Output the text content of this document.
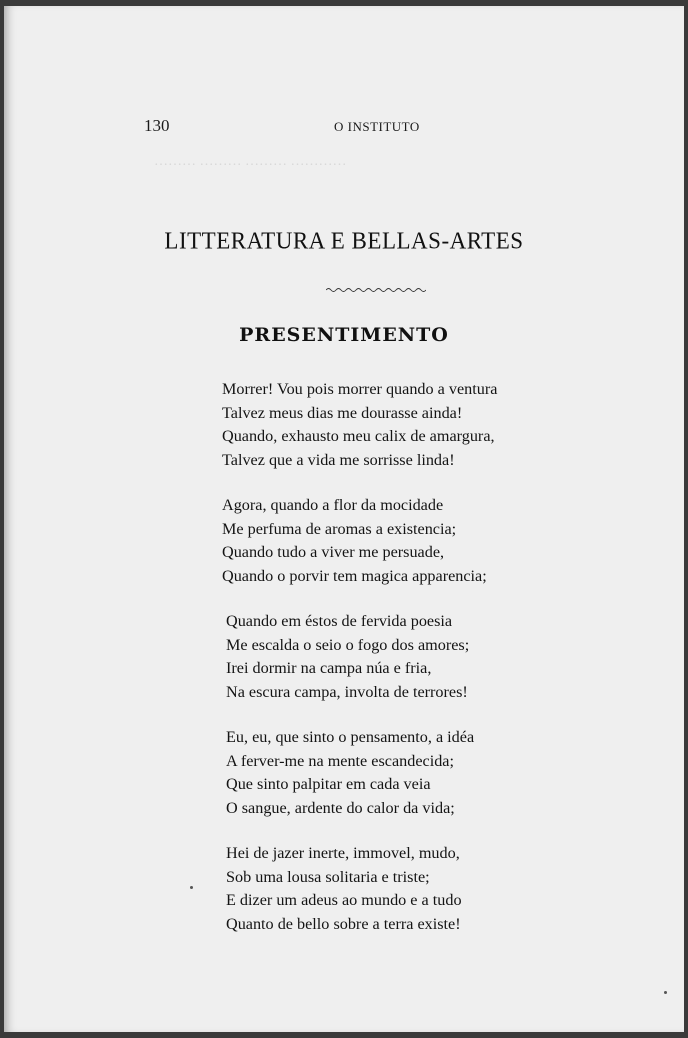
………… ……… ……… ………
130	O INSTITUTO
LITTERATURA E BELLAS-ARTES
PRESENTIMENTO
Morrer! Vou pois morrer quando a ventura
Talvez meus dias me dourasse ainda!
Quando, exhausto meu calix de amargura,
Talvez que a vida me sorrisse linda!
Agora, quando a flor da mocidade
Me perfuma de aromas a existencia;
Quando tudo a viver me persuade,
Quando o porvir tem magica apparencia;
Quando em éstos de fervida poesia
Me escalda o seio o fogo dos amores;
Irei dormir na campa núa e fria,
Na escura campa, involta de terrores!
Eu, eu, que sinto o pensamento, a idéa
A ferver-me na mente escandecida;
Que sinto palpitar em cada veia
O sangue, ardente do calor da vida;
Hei de jazer inerte, immovel, mudo,
Sob uma lousa solitaria e triste;
E dizer um adeus ao mundo e a tudo
Quanto de bello sobre a terra existe!
